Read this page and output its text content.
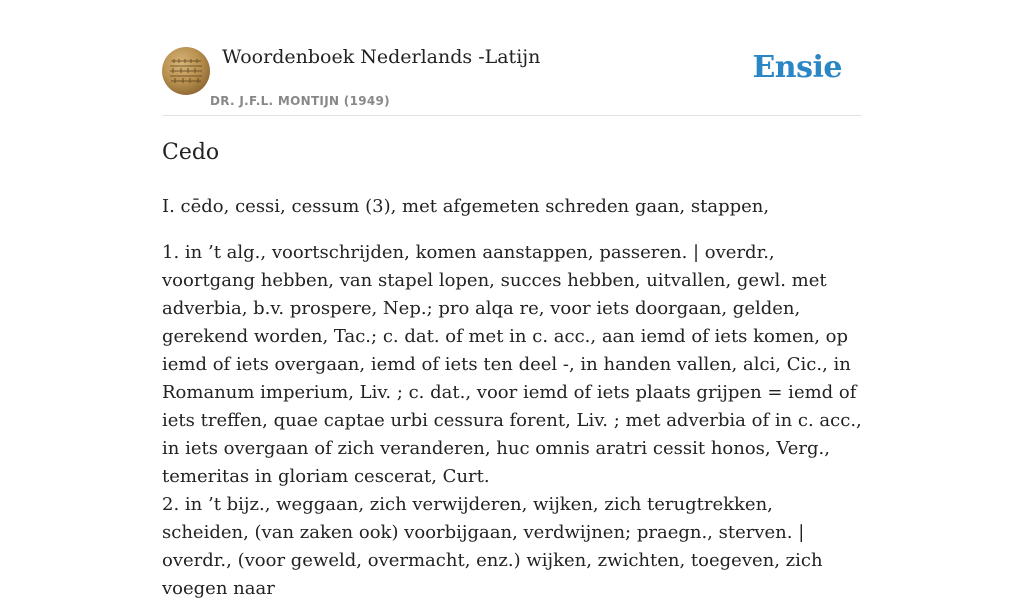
Woordenboek Nederlands -Latijn
DR. J.F.L. MONTIJN (1949)
Ensie
Cedo
I. cēdo, cessi, cessum (3), met afgemeten schreden gaan, stappen,

1. in ’t alg., voortschrijden, komen aanstappen, passeren. | overdr., voortgang hebben, van stapel lopen, succes hebben, uitvallen, gewl. met adverbia, b.v. prospere, Nep.; pro alqa re, voor iets doorgaan, gelden, gerekend worden, Tac.; c. dat. of met in c. acc., aan iemd of iets komen, op iemd of iets overgaan, iemd of iets ten deel -, in handen vallen, alci, Cic., in Romanum imperium, Liv. ; c. dat., voor iemd of iets plaats grijpen = iemd of iets treffen, quae captae urbi cessura forent, Liv. ; met adverbia of in c. acc., in iets overgaan of zich veranderen, huc omnis aratri cessit honos, Verg., temeritas in gloriam cescerat, Curt.

2. in ’t bijz., weggaan, zich verwijderen, wijken, zich terugtrekken, scheiden, (van zaken ook) voorbijgaan, verdwijnen; praegn., sterven. | overdr., (voor geweld, overmacht, enz.) wijken, zwichten, toegeven, zich voegen naar
